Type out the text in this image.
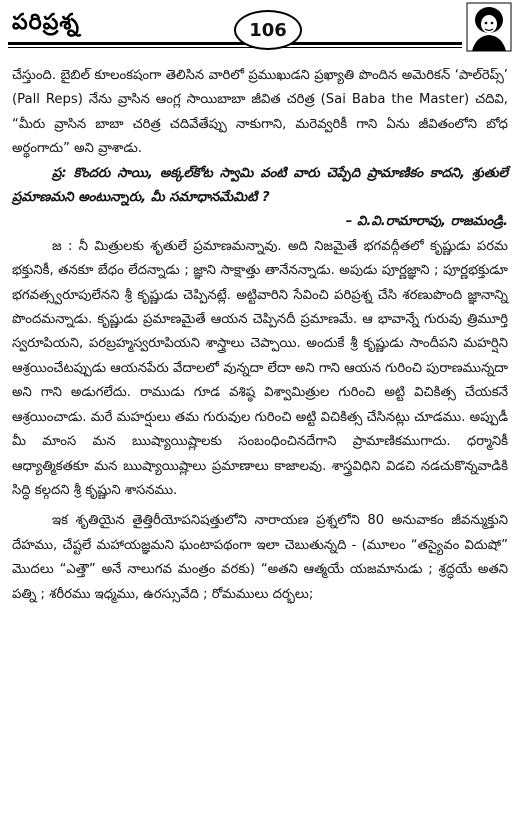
పరిప్రశ్న	106

చేస్తుంది. బైబిల్ కూలంకషంగా తెలిసిన వారిలో ప్రముఖుడని ప్రఖ్యాతి పొందిన అమెరికన్ ‘పాల్‌రెప్స్’ (Pall Reps) నేను వ్రాసిన ఆంగ్ల సాయిబాబా జీవిత చరిత్ర (Sai Baba the Master) చదివి, “మీరు వ్రాసిన బాబా చరిత్ర చదివేతేప్పు నాకుగాని, మరెవ్వరికీ గాని ఏను జీవితంలోని బోధ అర్థంగాదు” అని వ్రాశాడు.

ప్ర: కొందరు సాయి, అక్కల్‌కోట స్వామి వంటి వారు చెప్పేది ప్రామాణికం కాదని, శ్రుతులే ప్రమాణమని అంటున్నారు, మీ సమాధానమేమిటి ?

– వి.వి.రామారావు, రాజమండ్రి.

జ : నీ మిత్రులకు శృతులే ప్రమాణమన్నావు. అది నిజమైతే భగవద్గీతలో కృష్ణుడు పరమ భక్తునికీ, తనకూ బేధం లేదన్నాడు ; జ్ఞాని సాక్షాత్తు తానేనన్నాడు. అపుడు పూర్ణజ్ఞాని ; పూర్ణభక్తుడూ భగవత్స్వరూపులేనని శ్రీ కృష్ణుడు చెప్పినట్లే. అట్టివారిని సేవించి పరిప్రశ్న చేసి శరణుపొంది జ్ఞానాన్ని పొందమన్నాడు. కృష్ణుడు ప్రమాణమైతే ఆయన చెప్పినదీ ప్రమాణమే. ఆ భావాన్నే గురువు త్రిమూర్తి స్వరూపియని, పరబ్రహ్మస్వరూపియని శాస్త్రాలు చెప్పాయి. అందుకే శ్రీ కృష్ణుడు సాందీపని మహర్షిని ఆశ్రయించేటప్పుడు ఆయనపేరు వేదాలలో వున్నదా లేదా అని గాని ఆయన గురించి పురాణమున్నదా అని గాని అడుగలేదు. రాముడు గూడ వశిష్ఠ విశ్వామిత్రుల గురించి అట్టి విచికిత్స చేయకనే ఆశ్రయించాడు. మరే మహర్షులు తమ గురువుల గురించి అట్టి విచికిత్స చేసినట్లు చూడము. అప్పుడీ మీ మాంస మన ఋష్యాయిష్లాలకు సంబంధించినదేగాని ప్రామాణికముగాదు. ధర్మానికీ ఆధ్యాత్మికతకూ మన ఋష్యాయిష్లాలు ప్రమాణాలు కాజాలవు. శాస్త్రవిధిని విడచి నడచుకొన్నవాడికి సిద్ధి కల్గదని శ్రీ కృష్ణుని శాసనము.

ఇక శృతియైన తైత్తిరీయోపనిషత్తులోని నారాయణ ప్రశ్నలోని 80 అనువాకం జీవన్ముక్తుని దేహము, చేష్టలే మహాయజ్ఞమని ఘంటాపథంగా ఇలా చెబుతున్నది - (మూలం “తస్యైవం విదుషో” మొదలు “ఎత్తౌ” అనే నాలుగవ మంత్రం వరకు) “అతని ఆత్మయే యజమానుడు ; శ్రద్ధయే అతని పత్ని ; శరీరము ఇధ్మము, ఉరస్సువేది ; రోమములు దర్భలు;
